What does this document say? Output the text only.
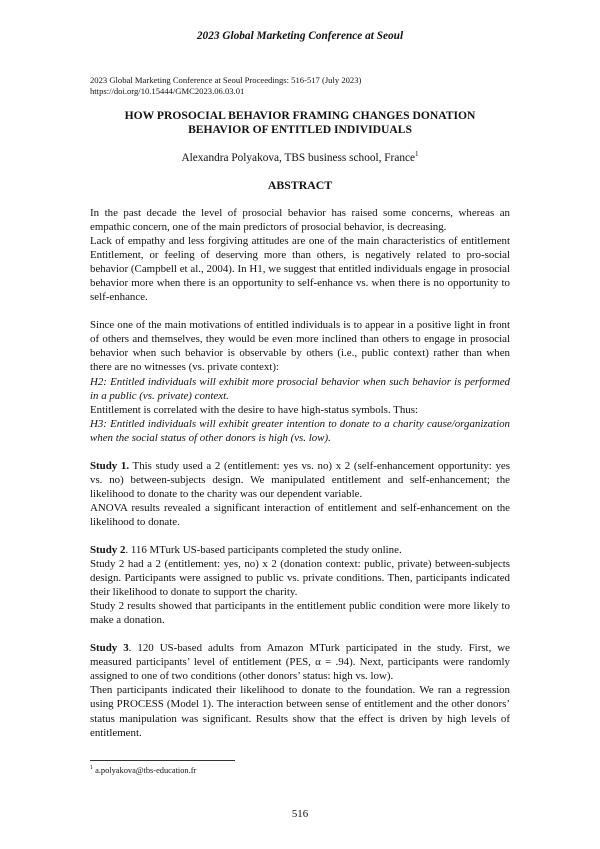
2023 Global Marketing Conference at Seoul
2023 Global Marketing Conference at Seoul Proceedings: 516-517 (July 2023)
https://doi.org/10.15444/GMC2023.06.03.01
HOW PROSOCIAL BEHAVIOR FRAMING CHANGES DONATION
BEHAVIOR OF ENTITLED INDIVIDUALS
Alexandra Polyakova, TBS business school, France$^1$
ABSTRACT

In the past decade the level of prosocial behavior has raised some concerns, whereas an empathic concern, one of the main predictors of prosocial behavior, is decreasing.

Lack of empathy and less forgiving attitudes are one of the main characteristics of entitlement Entitlement, or feeling of deserving more than others, is negatively related to pro-social behavior (Campbell et al., 2004). In H1, we suggest that entitled individuals engage in prosocial behavior more when there is an opportunity to self-enhance vs. when there is no opportunity to self-enhance.

Since one of the main motivations of entitled individuals is to appear in a positive light in front of others and themselves, they would be even more inclined than others to engage in prosocial behavior when such behavior is observable by others (i.e., public context) rather than when there are no witnesses (vs. private context):

H2: Entitled individuals will exhibit more prosocial behavior when such behavior is performed in a public (vs. private) context.

Entitlement is correlated with the desire to have high-status symbols. Thus:

H3: Entitled individuals will exhibit greater intention to donate to a charity cause/organization when the social status of other donors is high (vs. low).

Study 1. This study used a 2 (entitlement: yes vs. no) x 2 (self-enhancement opportunity: yes vs. no) between-subjects design. We manipulated entitlement and self-enhancement; the likelihood to donate to the charity was our dependent variable.

ANOVA results revealed a significant interaction of entitlement and self-enhancement on the likelihood to donate.

Study 2. 116 MTurk US-based participants completed the study online.

Study 2 had a 2 (entitlement: yes, no) x 2 (donation context: public, private) between-subjects design. Participants were assigned to public vs. private conditions. Then, participants indicated their likelihood to donate to support the charity.

Study 2 results showed that participants in the entitlement public condition were more likely to make a donation.

Study 3. 120 US-based adults from Amazon MTurk participated in the study. First, we measured participants’ level of entitlement (PES, α = .94). Next, participants were randomly assigned to one of two conditions (other donors’ status: high vs. low).

Then participants indicated their likelihood to donate to the foundation. We ran a regression using PROCESS (Model 1). The interaction between sense of entitlement and the other donors’ status manipulation was significant. Results show that the effect is driven by high levels of entitlement.

$^1$ a.polyakova@tbs-education.fr
516
